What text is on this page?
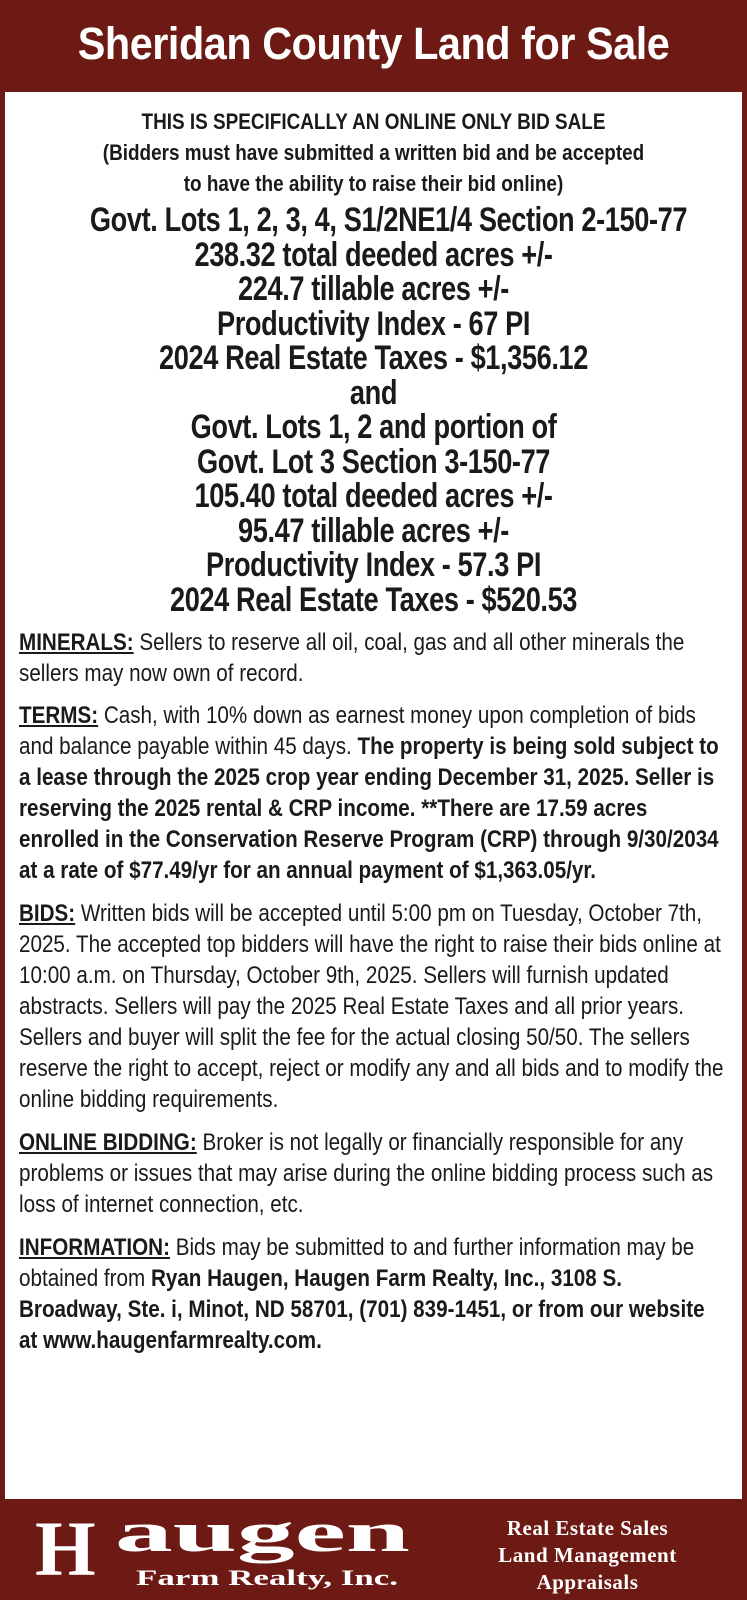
Sheridan County Land for Sale
THIS IS SPECIFICALLY AN ONLINE ONLY BID SALE
(Bidders must have submitted a written bid and be accepted
to have the ability to raise their bid online)
Govt. Lots 1, 2, 3, 4, S1/2NE1/4 Section 2-150-77
238.32 total deeded acres +/-
224.7 tillable acres +/-
Productivity Index - 67 PI
2024 Real Estate Taxes - $1,356.12
and
Govt. Lots 1, 2 and portion of
Govt. Lot 3 Section 3-150-77
105.40 total deeded acres +/-
95.47 tillable acres +/-
Productivity Index - 57.3 PI
2024 Real Estate Taxes - $520.53

MINERALS: Sellers to reserve all oil, coal, gas and all other minerals the sellers may now own of record.

TERMS: Cash, with 10% down as earnest money upon completion of bids and balance payable within 45 days. The property is being sold subject to a lease through the 2025 crop year ending December 31, 2025. Seller is reserving the 2025 rental & CRP income. **There are 17.59 acres enrolled in the Conservation Reserve Program (CRP) through 9/30/2034 at a rate of $77.49/yr for an annual payment of $1,363.05/yr.

BIDS: Written bids will be accepted until 5:00 pm on Tuesday, October 7th, 2025. The accepted top bidders will have the right to raise their bids online at 10:00 a.m. on Thursday, October 9th, 2025. Sellers will furnish updated abstracts. Sellers will pay the 2025 Real Estate Taxes and all prior years. Sellers and buyer will split the fee for the actual closing 50/50. The sellers reserve the right to accept, reject or modify any and all bids and to modify the online bidding requirements.

ONLINE BIDDING: Broker is not legally or financially responsible for any problems or issues that may arise during the online bidding process such as loss of internet connection, etc.

INFORMATION: Bids may be submitted to and further information may be obtained from Ryan Haugen, Haugen Farm Realty, Inc., 3108 S. Broadway, Ste. i, Minot, ND 58701, (701) 839-1451, or from our website at www.haugenfarmrealty.com.

H augen
Farm Realty, Inc.
Real Estate Sales
Land Management
Appraisals
